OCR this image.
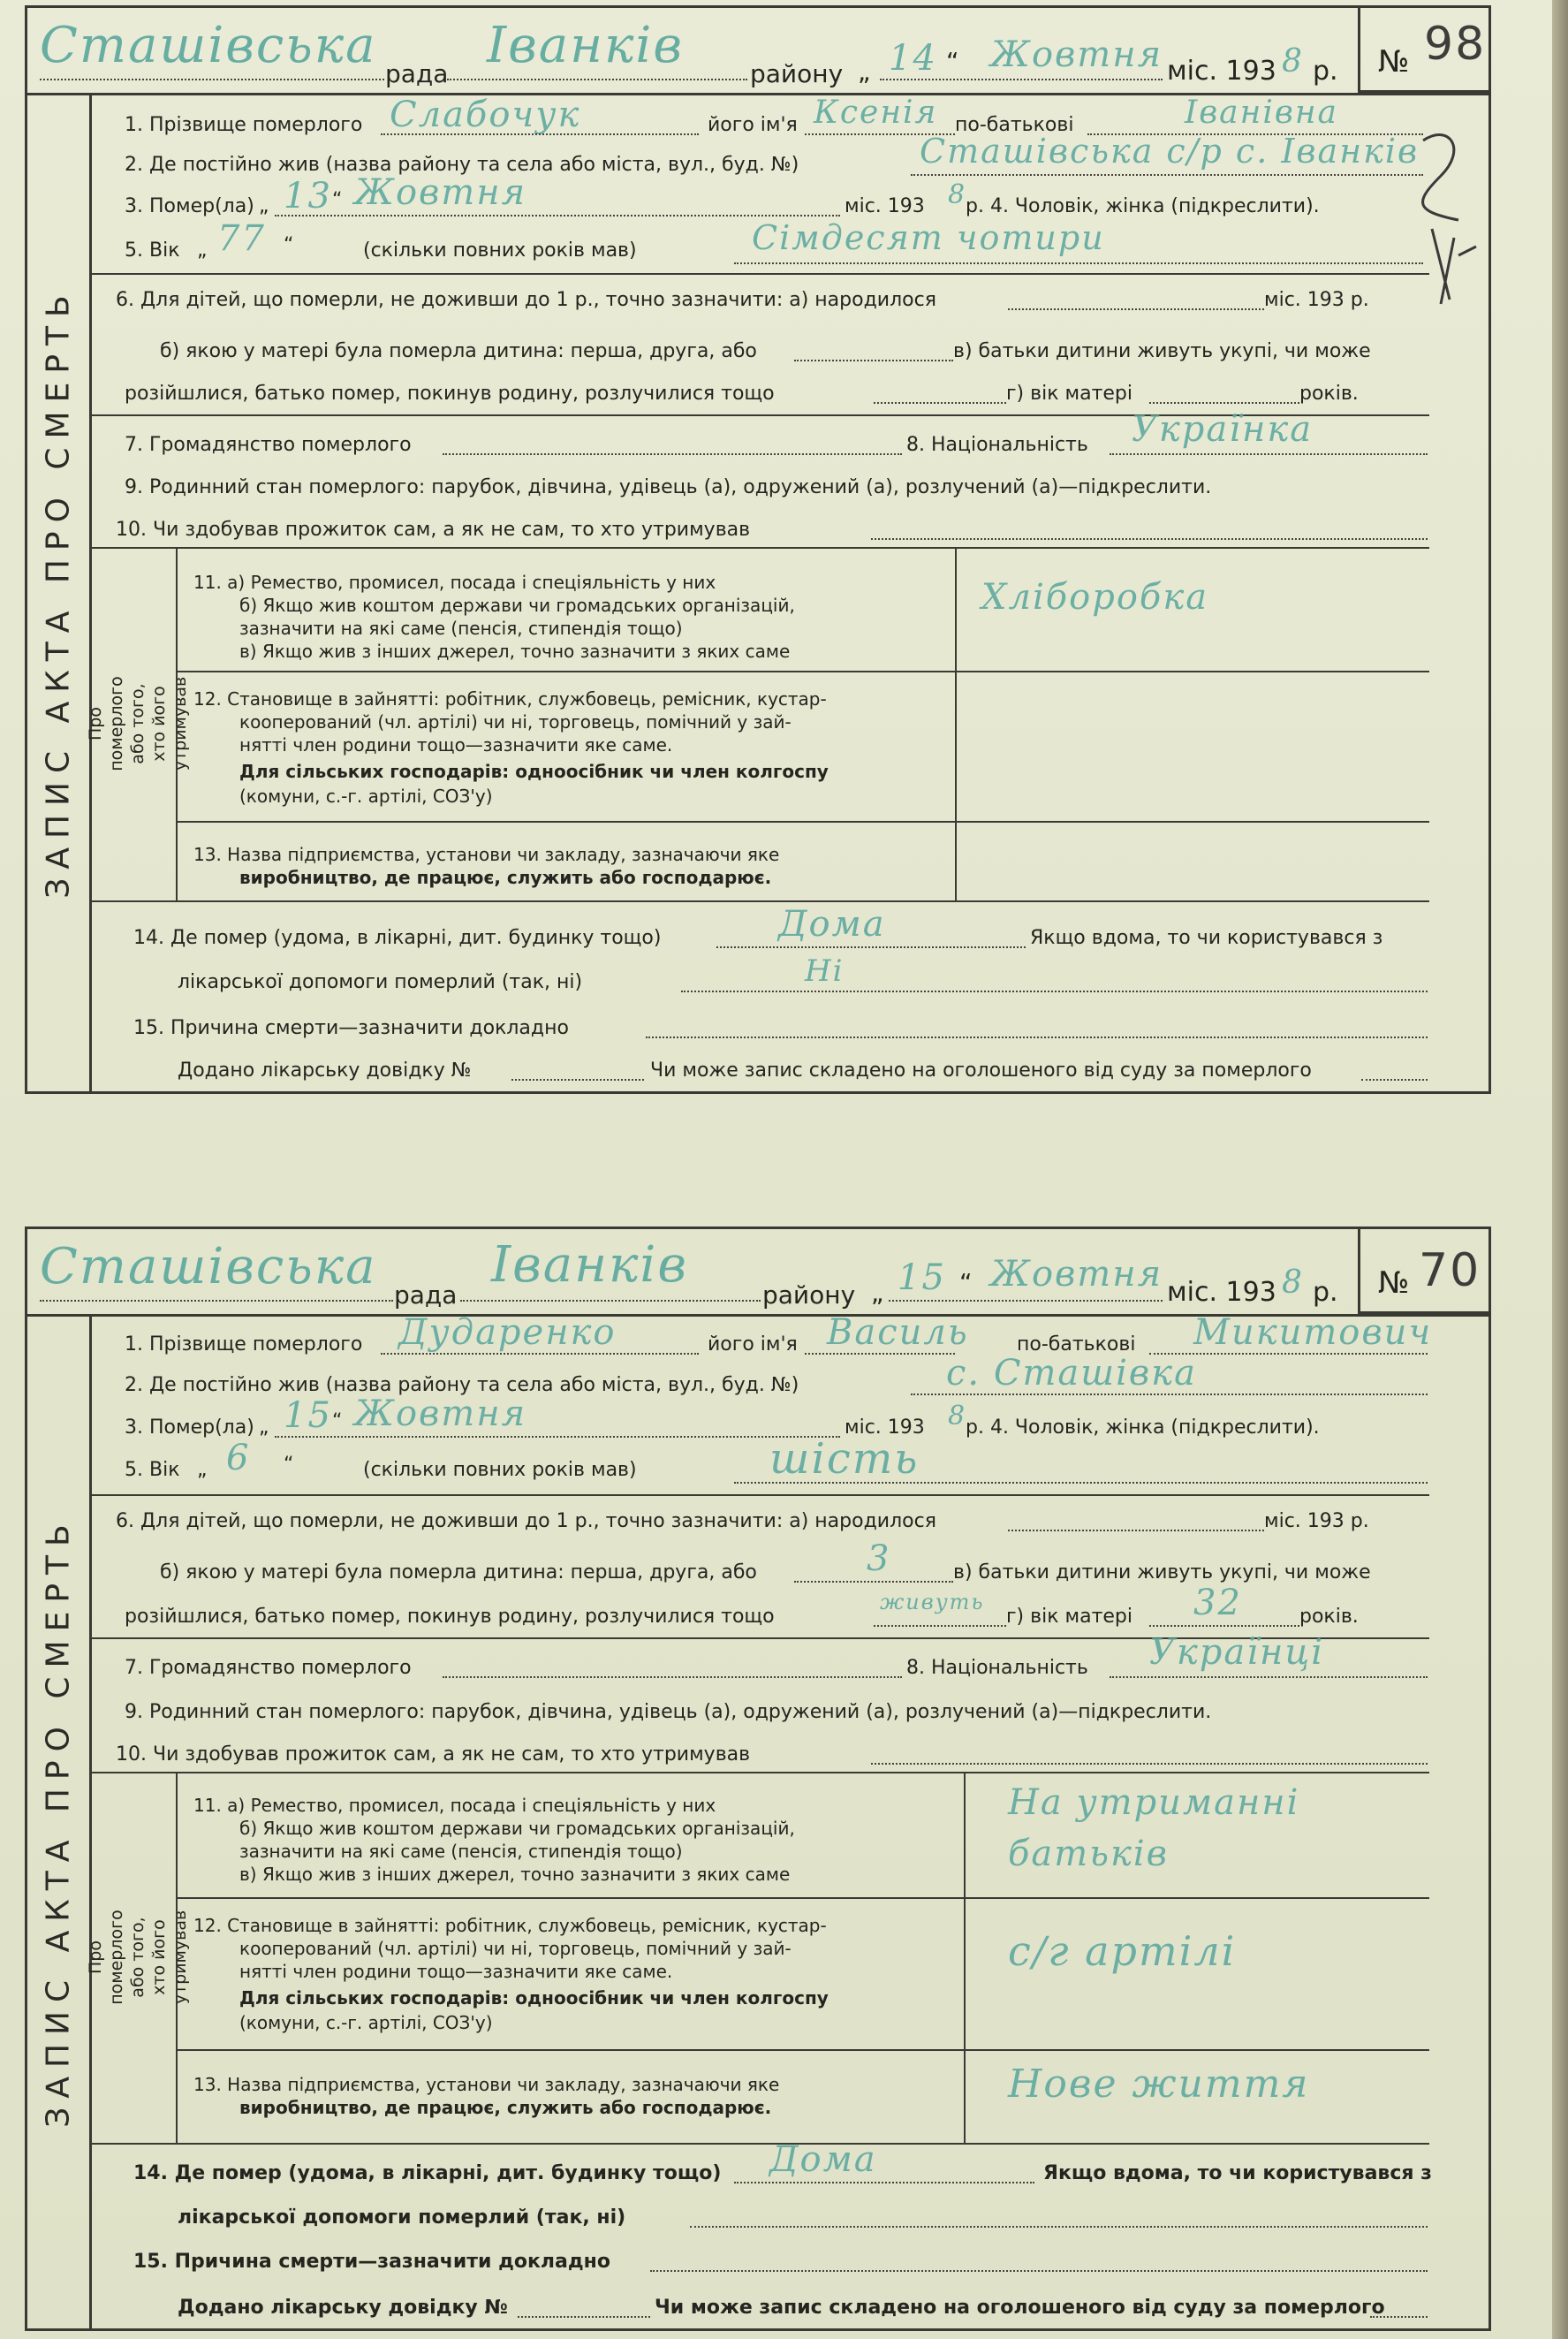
Сташівська рада Іванків	району „ 14 “ Жовтня міс. 193 8 р. № 98
ЗАПИС АКТА ПРО СМЕРТЬ
1. Прізвище померлого Слабочук	його ім'я Ксенія по-батькові	Іванівна
2. Де постійно жив (назва району та села або міста, вул., буд. №)	Сташівська с/р с. Іванків
3. Помер(ла) „ 13 “ Жовтня	міс. 193 8
р. 4. Чоловік, жінка (підкреслити).
5. Вік „ 77 “	(скільки повних років мав)	Сімдесят чотири
6. Для дітей, що померли, не доживши до 1 р., точно зазначити: а) народилося	міс. 193 р.
б) якою у матері була померла дитина: перша, друга, або	в) батьки дитини живуть укупі, чи може
розійшлися, батько помер, покинув родину, розлучилися тощо	г) вік матері	років.
7. Громадянство померлого	8. Національність Українка
9. Родинний стан померлого: парубок, дівчина, удівець (а), одружений (а), розлучений (а)—підкреслити.
10. Чи здобував прожиток сам, а як не сам, то хто утримував
Про померлого або того, хто його утримував
11. а) Ремество, промисел, посада і спеціяльність у них
б) Якщо жив коштом держави чи громадських організацій,
зазначити на які саме (пенсія, стипендія тощо)
в) Якщо жив з інших джерел, точно зазначити з яких саме
Хліборобка
12. Становище в зайнятті: робітник, службовець, ремісник, кустар-
кооперований (чл. артілі) чи ні, торговець, помічний у зай-
нятті член родини тощо—зазначити яке саме.
Для сільських господарів: одноосібник чи член колгоспу
(комуни, с.-г. артілі, СОЗ'у)
13. Назва підприємства, установи чи закладу, зазначаючи яке
виробництво, де працює, служить або господарює.
14. Де помер (удома, в лікарні, дит. будинку тощо)	Дома	Якщо вдома, то чи користувався з
лікарської допомоги померлий (так, ні)	Ні
15. Причина смерти—зазначити докладно
Додано лікарську довідку №	Чи може запис складено на оголошеного від суду за померлого
Сташівська рада
Іванків
району „ 15 “ Жовтня міс. 193 8 р. № 70
ЗАПИС АКТА ПРО СМЕРТЬ
1. Прізвище померлого Дударенко	його ім'я Василь по-батькові Микитович
2. Де постійно жив (назва району та села або міста, вул., буд. №)	с. Сташівка
3. Помер(ла) „ 15 “ Жовтня	міс. 193 8
р. 4. Чоловік, жінка (підкреслити).
5. Вік „ 6 “	(скільки повних років мав)	шість
6. Для дітей, що померли, не доживши до 1 р., точно зазначити: а) народилося	міс. 193 р.
б) якою у матері була померла дитина: перша, друга, або	3	в) батьки дитини живуть укупі, чи може
розійшлися, батько помер, покинув родину, розлучилися тощо
живуть
г) вік матері 32	років.
7. Громадянство померлого	8. Національність Українці
9. Родинний стан померлого: парубок, дівчина, удівець (а), одружений (а), розлучений (а)—підкреслити.
10. Чи здобував прожиток сам, а як не сам, то хто утримував
Про померлого або того, хто його утримував
11. а) Ремество, промисел, посада і спеціяльність у них
б) Якщо жив коштом держави чи громадських організацій,
зазначити на які саме (пенсія, стипендія тощо)
в) Якщо жив з інших джерел, точно зазначити з яких саме
На утриманні батьків
12. Становище в зайнятті: робітник, службовець, ремісник, кустар-
кооперований (чл. артілі) чи ні, торговець, помічний у зай-
нятті член родини тощо—зазначити яке саме.
Для сільських господарів: одноосібник чи член колгоспу
(комуни, с.-г. артілі, СОЗ'у)
с/г артілі
13. Назва підприємства, установи чи закладу, зазначаючи яке
виробництво, де працює, служить або господарює.
Нове життя
14. Де помер (удома, в лікарні, дит. будинку тощо) Дома	Якщо вдома, то чи користувався з
лікарської допомоги померлий (так, ні)
15. Причина смерти—зазначити докладно
Додано лікарську довідку №	Чи може запис складено на оголошеного від суду за померлого
